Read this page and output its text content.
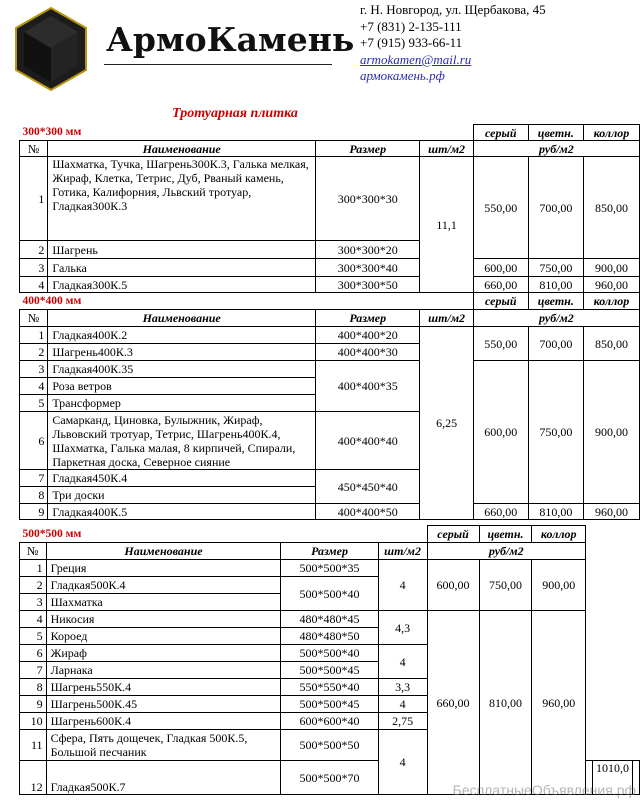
АрмоКамень
г. Н. Новгород, ул. Щербакова, 45
+7 (831) 2-135-111
+7 (915) 933-66-11
armokamen@mail.ru
армокамень.рф
Тротуарная плитка
300*300 мм				серый	цветн.	коллор
№	Наименование	Размер	шт/м2	руб/м2		
1	Шахматка, Тучка, Шагрень300К.3, Галька мелкая, Жираф, Клетка, Тетрис, Дуб, Рваный камень, Готика, Калифорния, Львский тротуар, Гладкая300К.3	300*300*30	11,1	550,00	700,00	850,00
2	Шагрень	300*300*20				
3	Галька	300*300*40		600,00	750,00	900,00
4	Гладкая300К.5	300*300*50		660,00	810,00	960,00
400*400 мм				серый	цветн.	коллор
№	Наименование	Размер	шт/м2	руб/м2		
1	Гладкая400К.2	400*400*20	6,25	550,00	700,00	850,00
2	Шагрень400К.3	400*400*30				
3	Гладкая400К.35	400*400*35		600,00	750,00	900,00
4	Роза ветров					
5	Трансформер					
6	Самарканд, Циновка, Булыжник, Жираф, Львовский тротуар, Тетрис, Шагрень400К.4, Шахматка, Галька малая, 8 кирпичей, Спирали, Паркетная доска, Северное сияние	400*400*40				
7	Гладкая450К.4	450*450*40				
8	Три доски					
9	Гладкая400К.5	400*400*50		660,00	810,00	960,00
500*500 мм				серый	цветн.	коллор			
№	Наименование	Размер	шт/м2	руб/м2					
1	Греция	500*500*35	4	600,00	750,00	900,00			
2	Гладкая500К.4	500*500*40							
3	Шахматка								
4	Никосия	480*480*45	4,3	660,00	810,00	960,00			
5	Короед	480*480*50							
6	Жираф	500*500*40	4						
7	Ларнака	500*500*45							
8	Шагрень550К.4	550*550*40	3,3						
9	Шагрень500К.45	500*500*45	4						
10	Шагрень600К.4	600*600*40	2,75						
11	Сфера, Пять дощечек, Гладкая 500К.5, Большой песчаник	500*500*50	4						
12	Гладкая500К.7	500*500*70						1010,0	
БесплатныеОбъявления.рф
